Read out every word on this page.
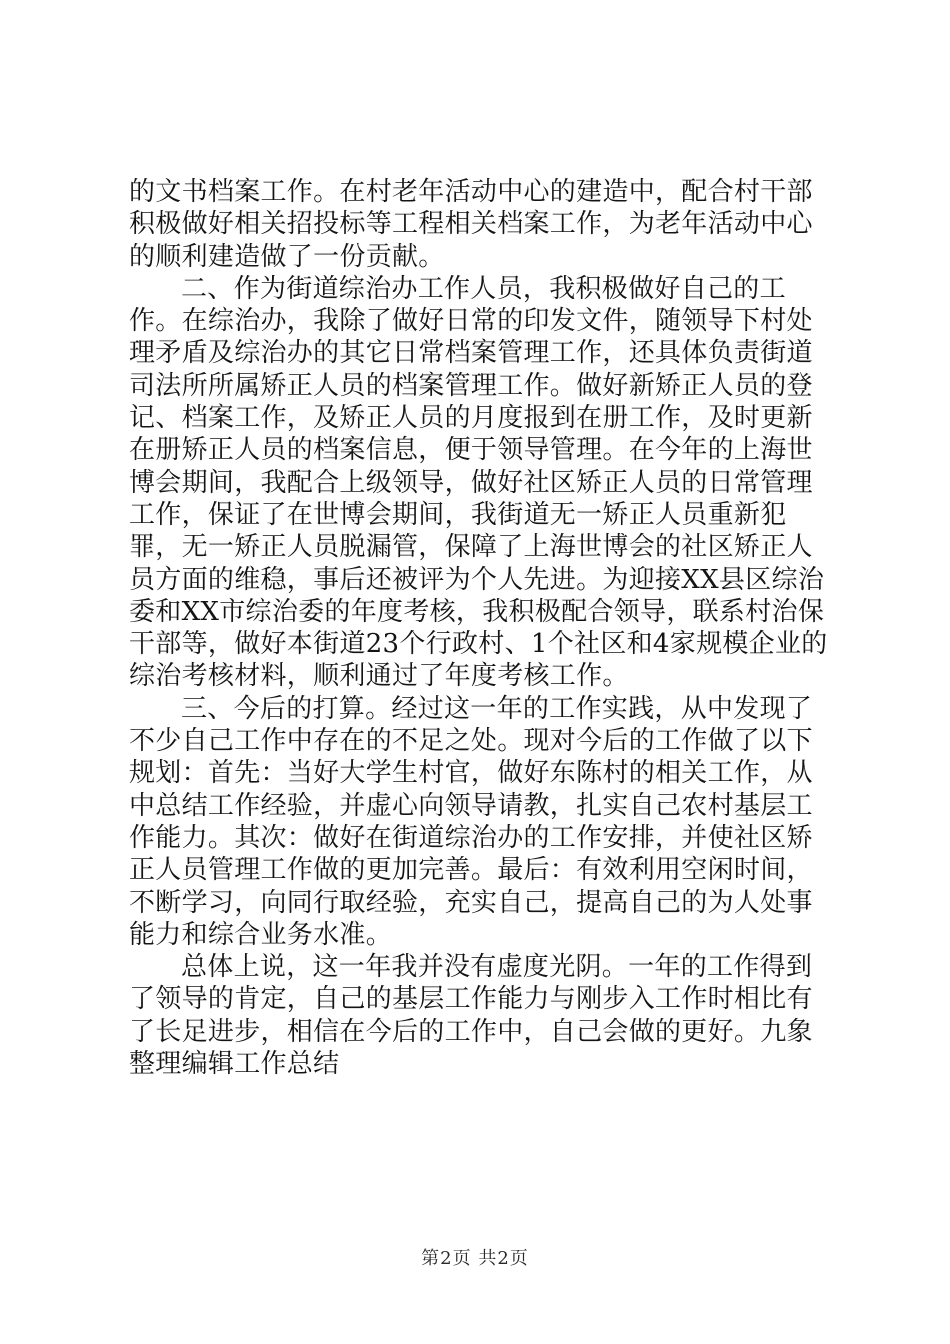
的文书档案工作。在村老年活动中心的建造中，配合村干部积极做好相关招投标等工程相关档案工作，为老年活动中心的顺利建造做了一份贡献。

二、作为街道综治办工作人员，我积极做好自己的工作。在综治办，我除了做好日常的印发文件，随领导下村处理矛盾及综治办的其它日常档案管理工作，还具体负责街道司法所所属矫正人员的档案管理工作。做好新矫正人员的登记、档案工作，及矫正人员的月度报到在册工作，及时更新在册矫正人员的档案信息，便于领导管理。在今年的上海世博会期间，我配合上级领导，做好社区矫正人员的日常管理工作，保证了在世博会期间，我街道无一矫正人员重新犯罪，无一矫正人员脱漏管，保障了上海世博会的社区矫正人员方面的维稳，事后还被评为个人先进。为迎接XX县区综治委和XX市综治委的年度考核，我积极配合领导，联系村治保干部等，做好本街道23个行政村、1个社区和4家规模企业的综治考核材料，顺利通过了年度考核工作。

三、今后的打算。经过这一年的工作实践，从中发现了不少自己工作中存在的不足之处。现对今后的工作做了以下规划：首先：当好大学生村官，做好东陈村的相关工作，从中总结工作经验，并虚心向领导请教，扎实自己农村基层工作能力。其次：做好在街道综治办的工作安排，并使社区矫正人员管理工作做的更加完善。最后：有效利用空闲时间，不断学习，向同行取经验，充实自己，提高自己的为人处事能力和综合业务水准。

总体上说，这一年我并没有虚度光阴。一年的工作得到了领导的肯定，自己的基层工作能力与刚步入工作时相比有了长足进步，相信在今后的工作中，自己会做的更好。九象整理编辑工作总结

第2页 共2页
